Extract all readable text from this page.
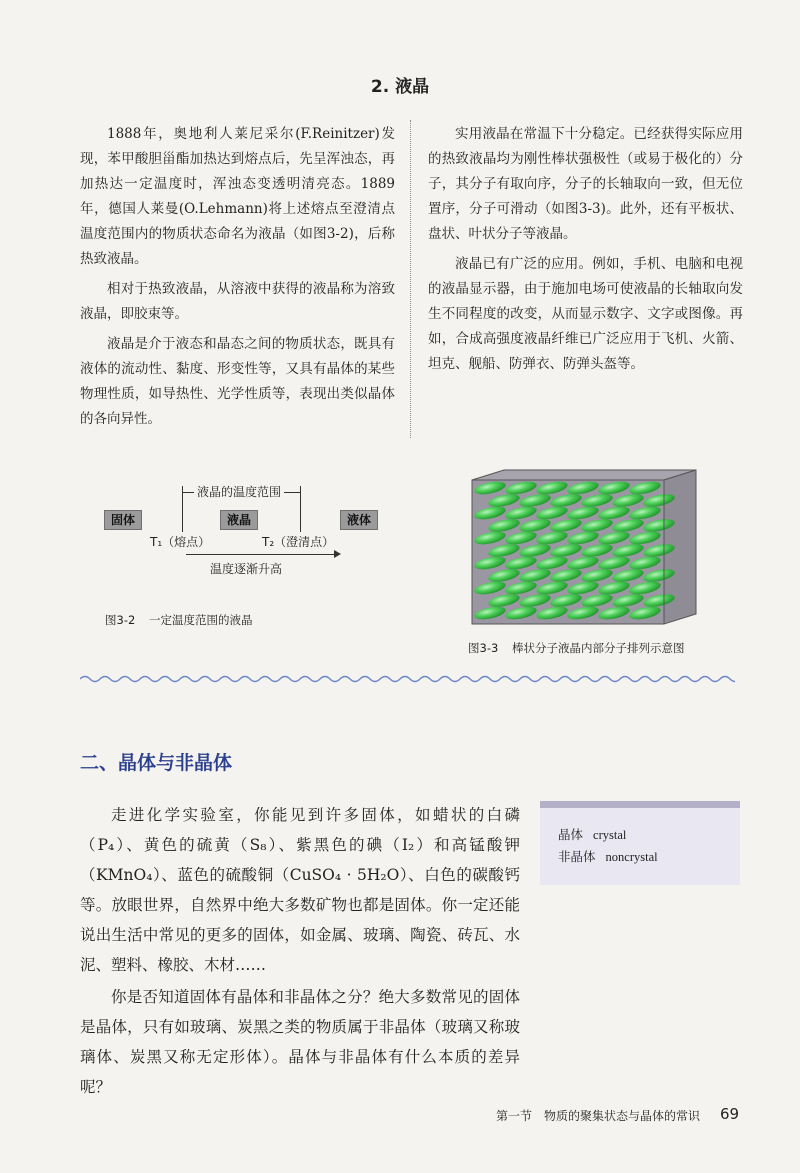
2. 液晶

1888年，奥地利人莱尼采尔(F.Reinitzer)发现，苯甲酸胆甾酯加热达到熔点后，先呈浑浊态，再加热达一定温度时，浑浊态变透明清亮态。1889年，德国人莱曼(O.Lehmann)将上述熔点至澄清点温度范围内的物质状态命名为液晶（如图3-2)，后称热致液晶。

相对于热致液晶，从溶液中获得的液晶称为溶致液晶，即胶束等。

液晶是介于液态和晶态之间的物质状态，既具有液体的流动性、黏度、形变性等，又具有晶体的某些物理性质，如导热性、光学性质等，表现出类似晶体的各向异性。

实用液晶在常温下十分稳定。已经获得实际应用的热致液晶均为刚性棒状强极性（或易于极化的）分子，其分子有取向序，分子的长轴取向一致，但无位置序，分子可滑动（如图3-3)。此外，还有平板状、盘状、叶状分子等液晶。

液晶已有广泛的应用。例如，手机、电脑和电视的液晶显示器，由于施加电场可使液晶的长轴取向发生不同程度的改变，从而显示数字、文字或图像。再如，合成高强度液晶纤维已广泛应用于飞机、火箭、坦克、舰船、防弹衣、防弹头盔等。

液晶的温度范围
固体	液晶	液体
T₁（熔点）	T₂（澄清点）
温度逐渐升高
图3-2 一定温度范围的液晶
图3-3 棒状分子液晶内部分子排列示意图
二、晶体与非晶体

走进化学实验室，你能见到许多固体，如蜡状的白磷（P₄）、黄色的硫黄（S₈）、紫黑色的碘（I₂）和高锰酸钾（KMnO₄）、蓝色的硫酸铜（CuSO₄ · 5H₂O）、白色的碳酸钙等。放眼世界，自然界中绝大多数矿物也都是固体。你一定还能说出生活中常见的更多的固体，如金属、玻璃、陶瓷、砖瓦、水泥、塑料、橡胶、木材……

你是否知道固体有晶体和非晶体之分？绝大多数常见的固体是晶体，只有如玻璃、炭黑之类的物质属于非晶体（玻璃又称玻璃体、炭黑又称无定形体）。晶体与非晶体有什么本质的差异呢？

晶体 crystal
非晶体 noncrystal
第一节 物质的聚集状态与晶体的常识 69
